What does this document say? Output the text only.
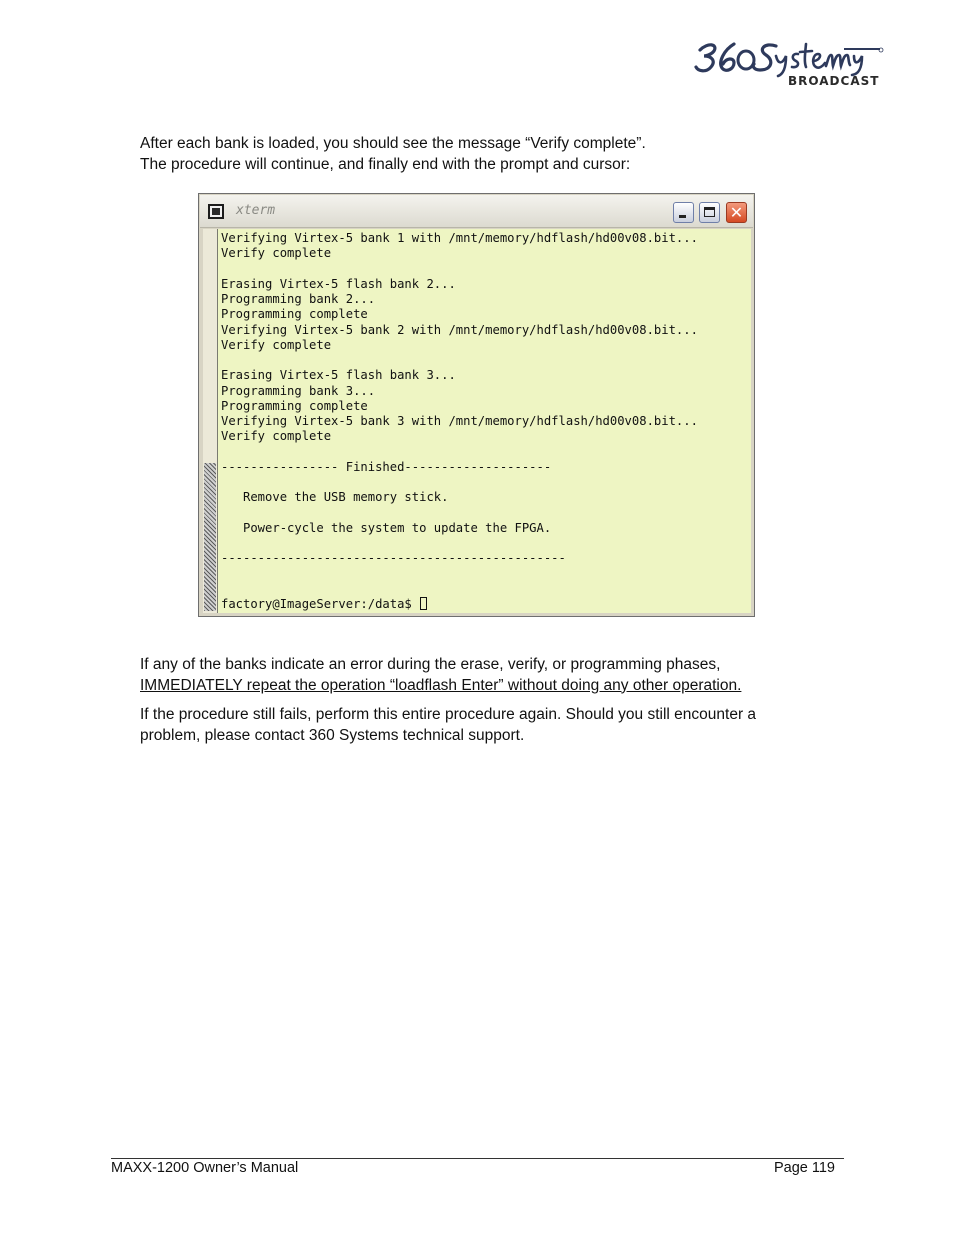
BROADCAST

After each bank is loaded, you should see the message “Verify complete”.
The procedure will continue, and finally end with the prompt and cursor:

xterm	✕
Verifying Virtex-5 bank 1 with /mnt/memory/hdflash/hd00v08.bit...
Verify complete
Erasing Virtex-5 flash bank 2...
Programming bank 2...
Programming complete
Verifying Virtex-5 bank 2 with /mnt/memory/hdflash/hd00v08.bit...
Verify complete
Erasing Virtex-5 flash bank 3...
Programming bank 3...
Programming complete
Verifying Virtex-5 bank 3 with /mnt/memory/hdflash/hd00v08.bit...
Verify complete
---------------- Finished--------------------
Remove the USB memory stick.
Power-cycle the system to update the FPGA.
-----------------------------------------------
factory@ImageServer:/data$

If any of the banks indicate an error during the erase, verify, or programming phases,
IMMEDIATELY repeat the operation “loadflash Enter” without doing any other operation.

If the procedure still fails, perform this entire procedure again. Should you still encounter a
problem, please contact 360 Systems technical support.

MAXX-1200 Owner’s Manual	Page 119
